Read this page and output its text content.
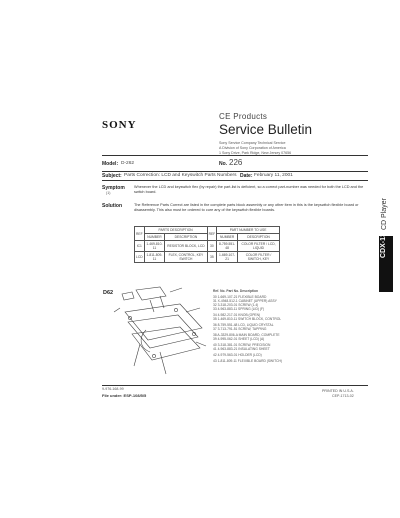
SONY
CE Products
Service Bulletin
Sony Service Company Technical Service
A Division of Sony Corporation of America
1 Sony Drive, Park Ridge, New Jersey 07656
Model: D-262	No. 226
Subject: Parts Correction: LCD and Keyswitch Parts Numbers Date: February 11, 2001
Symptom
(1)
Whenever the LCD and keyswitch flex (by repair) the part-list is deficient, so a correct part-number was needed for both the LCD and the switch board.
Solution	The Reference Parts Correct are listed in the complete parts block assembly or any other item in this is the keyswitch flexible board or disassembly. This also must be ordered to cure any of the keyswitch flexible boards.
REF	PARTS DESCRIPTION		REF	PART NUMBER TO USE	
	NUMBER	DESCRIPTION		NUMBER	DESCRIPTION
IC1	1-469-810-11	RESISTOR BLOCK, LCD	30	8-759-551-48	COLOR FILTER / LCD, LIQUID
LCD	1-811-809-11	FLEX, CONTROL, KEY SWITCH	35	1-669-107-21	COLOR FILTER / SWITCH, KEY
CDX-13
CD Player
D62	Ref. No. Part No. Description
30 1-669-107-21 FLEXIBLE BOARD
31 X-4948-512-1 CABINET (UPPER) ASSY
32 3-318-203-01 SCREW (1.4)
33 4-963-883-11 SPRING (LID) (F)
34 4-982-217-01 KNOB (OPEN)
35 1-469-810-11 SWITCH BLOCK, CONTROL
36 8-759-551-48 LCD, LIQUID CRYSTAL
37 3-713-791-51 SCREW, TAPPING
38 A-3329-806-A MAIN BOARD, COMPLETE
39 4-995-062-01 SHEET (LCD) (A)
40 3-318-381-01 SCREW, PRECISION
41 4-963-883-21 INSULATING SHEET
42 4-979-563-01 HOLDER (LCD)
43 1-811-809-11 FLEXIBLE BOARD (SWITCH)
9-976-168-99
File under: ESP-108/5/5
PRINTED IN U.S.A.
CEP-1713-02
